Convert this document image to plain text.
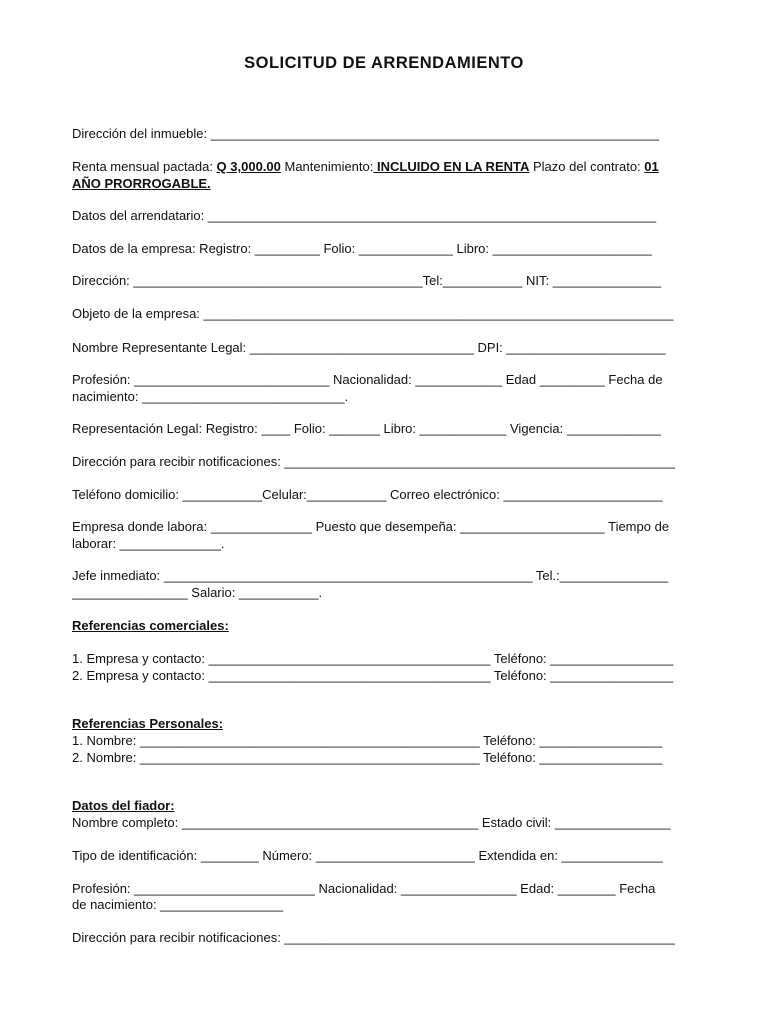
SOLICITUD DE ARRENDAMIENTO
Dirección del inmueble: ______________________________________________________________
Renta mensual pactada: Q 3,000.00 Mantenimiento: INCLUIDO EN LA RENTA Plazo del contrato: 01
AÑO PRORROGABLE.
Datos del arrendatario: ______________________________________________________________
Datos de la empresa: Registro: _________ Folio: _____________ Libro: ______________________
Dirección: ________________________________________Tel:___________ NIT: _______________
Objeto de la empresa: _________________________________________________________________
Nombre Representante Legal: _______________________________ DPI: ______________________
Profesión: ___________________________ Nacionalidad: ____________ Edad _________ Fecha de
nacimiento: ____________________________.
Representación Legal: Registro: ____ Folio: _______ Libro: ____________ Vigencia: _____________
Dirección para recibir notificaciones: ______________________________________________________
Teléfono domicilio: ___________Celular:___________ Correo electrónico: ______________________
Empresa donde labora: ______________ Puesto que desempeña: ____________________ Tiempo de
laborar: ______________.
Jefe inmediato: ___________________________________________________ Tel.:_______________
________________ Salario: ___________.
Referencias comerciales:
1. Empresa y contacto: _______________________________________ Teléfono: _________________
2. Empresa y contacto: _______________________________________ Teléfono: _________________
Referencias Personales:
1. Nombre: _______________________________________________ Teléfono: _________________
2. Nombre: _______________________________________________ Teléfono: _________________
Datos del fiador:
Nombre completo: _________________________________________ Estado civil: ________________
Tipo de identificación: ________ Número: ______________________ Extendida en: ______________
Profesión: _________________________ Nacionalidad: ________________ Edad: ________ Fecha
de nacimiento: _________________
Dirección para recibir notificaciones: ______________________________________________________
